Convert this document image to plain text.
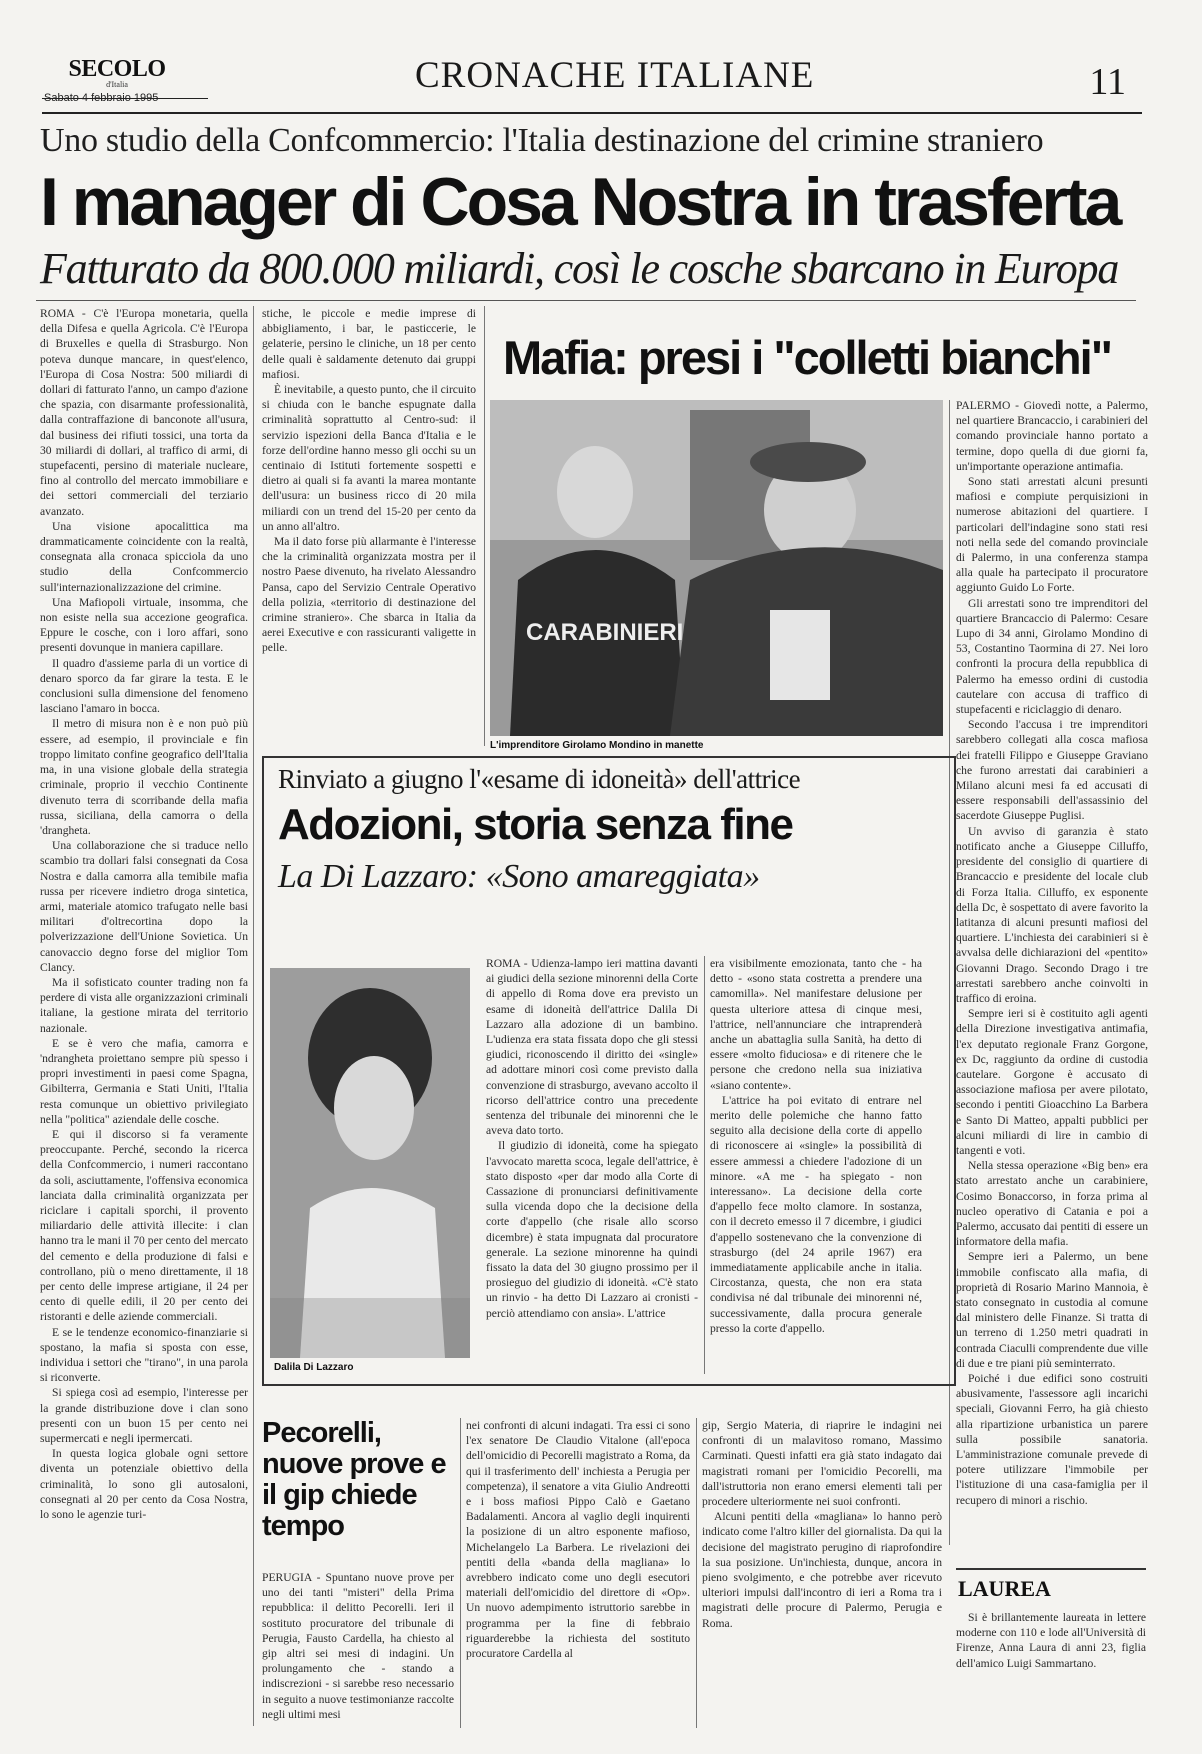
SECOLO
d'Italia
Sabato 4 febbraio 1995
CRONACHE ITALIANE	11
Uno studio della Confcommercio: l'Italia destinazione del crimine straniero
I manager di Cosa Nostra in trasferta
Fatturato da 800.000 miliardi, così le cosche sbarcano in Europa

ROMA - C'è l'Europa monetaria, quella della Difesa e quella Agricola. C'è l'Europa di Bruxelles e quella di Strasburgo. Non poteva dunque mancare, in quest'elenco, l'Europa di Cosa Nostra: 500 miliardi di dollari di fatturato l'anno, un campo d'azione che spazia, con disarmante professionalità, dalla contraffazione di banconote all'usura, dal business dei rifiuti tossici, una torta da 30 miliardi di dollari, al traffico di armi, di stupefacenti, persino di materiale nucleare, fino al controllo del mercato immobiliare e dei settori commerciali del terziario avanzato.

Una visione apocalittica ma drammaticamente coincidente con la realtà, consegnata alla cronaca spicciola da uno studio della Confcommercio sull'internazionalizzazione del crimine.

Una Mafiopoli virtuale, insomma, che non esiste nella sua accezione geografica. Eppure le cosche, con i loro affari, sono presenti dovunque in maniera capillare.

Il quadro d'assieme parla di un vortice di denaro sporco da far girare la testa. E le conclusioni sulla dimensione del fenomeno lasciano l'amaro in bocca.

Il metro di misura non è e non può più essere, ad esempio, il provinciale e fin troppo limitato confine geografico dell'Italia ma, in una visione globale della strategia criminale, proprio il vecchio Continente divenuto terra di scorribande della mafia russa, siciliana, della camorra o della 'drangheta.

Una collaborazione che si traduce nello scambio tra dollari falsi consegnati da Cosa Nostra e dalla camorra alla temibile mafia russa per ricevere indietro droga sintetica, armi, materiale atomico trafugato nelle basi militari d'oltrecortina dopo la polverizzazione dell'Unione Sovietica. Un canovaccio degno forse del miglior Tom Clancy.

Ma il sofisticato counter trading non fa perdere di vista alle organizzazioni criminali italiane, la gestione mirata del territorio nazionale.

E se è vero che mafia, camorra e 'ndrangheta proiettano sempre più spesso i propri investimenti in paesi come Spagna, Gibilterra, Germania e Stati Uniti, l'Italia resta comunque un obiettivo privilegiato nella "politica" aziendale delle cosche.

E qui il discorso si fa veramente preoccupante. Perché, secondo la ricerca della Confcommercio, i numeri raccontano da soli, asciuttamente, l'offensiva economica lanciata dalla criminalità organizzata per riciclare i capitali sporchi, il provento miliardario delle attività illecite: i clan hanno tra le mani il 70 per cento del mercato del cemento e della produzione di falsi e controllano, più o meno direttamente, il 18 per cento delle imprese artigiane, il 24 per cento di quelle edili, il 20 per cento dei ristoranti e delle aziende commerciali.

E se le tendenze economico-finanziarie si spostano, la mafia si sposta con esse, individua i settori che "tirano", in una parola si riconverte.

Si spiega così ad esempio, l'interesse per la grande distribuzione dove i clan sono presenti con un buon 15 per cento nei supermercati e negli ipermercati.

In questa logica globale ogni settore diventa un potenziale obiettivo della criminalità, lo sono gli autosaloni, consegnati al 20 per cento da Cosa Nostra, lo sono le agenzie turi-

stiche, le piccole e medie imprese di abbigliamento, i bar, le pasticcerie, le gelaterie, persino le cliniche, un 18 per cento delle quali è saldamente detenuto dai gruppi mafiosi.

È inevitabile, a questo punto, che il circuito si chiuda con le banche espugnate dalla criminalità soprattutto al Centro-sud: il servizio ispezioni della Banca d'Italia e le forze dell'ordine hanno messo gli occhi su un centinaio di Istituti fortemente sospetti e dietro ai quali si fa avanti la marea montante dell'usura: un business ricco di 20 mila miliardi con un trend del 15-20 per cento da un anno all'altro.

Ma il dato forse più allarmante è l'interesse che la criminalità organizzata mostra per il nostro Paese divenuto, ha rivelato Alessandro Pansa, capo del Servizio Centrale Operativo della polizia, «territorio di destinazione del crimine straniero». Che sbarca in Italia da aerei Executive e con rassicuranti valigette in pelle.

Mafia: presi i "colletti bianchi"
CARABINIERI
L'imprenditore Girolamo Mondino in manette

PALERMO - Giovedì notte, a Palermo, nel quartiere Brancaccio, i carabinieri del comando provinciale hanno portato a termine, dopo quella di due giorni fa, un'importante operazione antimafia.

Sono stati arrestati alcuni presunti mafiosi e compiute perquisizioni in numerose abitazioni del quartiere. I particolari dell'indagine sono stati resi noti nella sede del comando provinciale di Palermo, in una conferenza stampa alla quale ha partecipato il procuratore aggiunto Guido Lo Forte.

Gli arrestati sono tre imprenditori del quartiere Brancaccio di Palermo: Cesare Lupo di 34 anni, Girolamo Mondino di 53, Costantino Taormina di 27. Nei loro confronti la procura della repubblica di Palermo ha emesso ordini di custodia cautelare con accusa di traffico di stupefacenti e riciclaggio di denaro.

Secondo l'accusa i tre imprenditori sarebbero collegati alla cosca mafiosa dei fratelli Filippo e Giuseppe Graviano che furono arrestati dai carabinieri a Milano alcuni mesi fa ed accusati di essere responsabili dell'assassinio del sacerdote Giuseppe Puglisi.

Un avviso di garanzia è stato notificato anche a Giuseppe Cilluffo, presidente del consiglio di quartiere di Brancaccio e presidente del locale club di Forza Italia. Cilluffo, ex esponente della Dc, è sospettato di avere favorito la latitanza di alcuni presunti mafiosi del quartiere. L'inchiesta dei carabinieri si è avvalsa delle dichiarazioni del «pentito» Giovanni Drago. Secondo Drago i tre arrestati sarebbero anche coinvolti in traffico di eroina.

Sempre ieri si è costituito agli agenti della Direzione investigativa antimafia, l'ex deputato regionale Franz Gorgone, ex Dc, raggiunto da ordine di custodia cautelare. Gorgone è accusato di associazione mafiosa per avere pilotato, secondo i pentiti Gioacchino La Barbera e Santo Di Matteo, appalti pubblici per alcuni miliardi di lire in cambio di tangenti e voti.

Nella stessa operazione «Big ben» era stato arrestato anche un carabiniere, Cosimo Bonaccorso, in forza prima al nucleo operativo di Catania e poi a Palermo, accusato dai pentiti di essere un informatore della mafia.

Sempre ieri a Palermo, un bene immobile confiscato alla mafia, di proprietà di Rosario Marino Mannoia, è stato consegnato in custodia al comune dal ministero delle Finanze. Si tratta di un terreno di 1.250 metri quadrati in contrada Ciaculli comprendente due ville di due e tre piani più seminterrato.

Poiché i due edifici sono costruiti abusivamente, l'assessore agli incarichi speciali, Giovanni Ferro, ha già chiesto alla ripartizione urbanistica un parere sulla possibile sanatoria. L'amministrazione comunale prevede di potere utilizzare l'immobile per l'istituzione di una casa-famiglia per il recupero di minori a rischio.

Rinviato a giugno l'«esame di idoneità» dell'attrice
Adozioni, storia senza fine
La Di Lazzaro: «Sono amareggiata»
Dalila Di Lazzaro

ROMA - Udienza-lampo ieri mattina davanti ai giudici della sezione minorenni della Corte di appello di Roma dove era previsto un esame di idoneità dell'attrice Dalila Di Lazzaro alla adozione di un bambino. L'udienza era stata fissata dopo che gli stessi giudici, riconoscendo il diritto dei «single» ad adottare minori così come previsto dalla convenzione di strasburgo, avevano accolto il ricorso dell'attrice contro una precedente sentenza del tribunale dei minorenni che le aveva dato torto.

Il giudizio di idoneità, come ha spiegato l'avvocato maretta scoca, legale dell'attrice, è stato disposto «per dar modo alla Corte di Cassazione di pronunciarsi definitivamente sulla vicenda dopo che la decisione della corte d'appello (che risale allo scorso dicembre) è stata impugnata dal procuratore generale. La sezione minorenne ha quindi fissato la data del 30 giugno prossimo per il prosieguo del giudizio di idoneità. «C'è stato un rinvio - ha detto Di Lazzaro ai cronisti - perciò attendiamo con ansia». L'attrice

era visibilmente emozionata, tanto che - ha detto - «sono stata costretta a prendere una camomilla». Nel manifestare delusione per questa ulteriore attesa di cinque mesi, l'attrice, nell'annunciare che intraprenderà anche un abattaglia sulla Sanità, ha detto di essere «molto fiduciosa» e di ritenere che le persone che credono nella sua iniziativa «siano contente».

L'attrice ha poi evitato di entrare nel merito delle polemiche che hanno fatto seguito alla decisione della corte di appello di riconoscere ai «single» la possibilità di essere ammessi a chiedere l'adozione di un minore. «A me - ha spiegato - non interessano». La decisione della corte d'appello fece molto clamore. In sostanza, con il decreto emesso il 7 dicembre, i giudici d'appello sostenevano che la convenzione di strasburgo (del 24 aprile 1967) era immediatamente applicabile anche in italia. Circostanza, questa, che non era stata condivisa né dal tribunale dei minorenni né, successivamente, dalla procura generale presso la corte d'appello.

Pecorelli, nuove prove e il gip chiede tempo

PERUGIA - Spuntano nuove prove per uno dei tanti "misteri" della Prima repubblica: il delitto Pecorelli. Ieri il sostituto procuratore del tribunale di Perugia, Fausto Cardella, ha chiesto al gip altri sei mesi di indagini. Un prolungamento che - stando a indiscrezioni - si sarebbe reso necessario in seguito a nuove testimonianze raccolte negli ultimi mesi

nei confronti di alcuni indagati. Tra essi ci sono l'ex senatore De Claudio Vitalone (all'epoca dell'omicidio di Pecorelli magistrato a Roma, da qui il trasferimento dell' inchiesta a Perugia per competenza), il senatore a vita Giulio Andreotti e i boss mafiosi Pippo Calò e Gaetano Badalamenti. Ancora al vaglio degli inquirenti la posizione di un altro esponente mafioso, Michelangelo La Barbera. Le rivelazioni dei pentiti della «banda della magliana» lo avrebbero indicato come uno degli esecutori materiali dell'omicidio del direttore di «Op». Un nuovo adempimento istruttorio sarebbe in programma per la fine di febbraio riguarderebbe la richiesta del sostituto procuratore Cardella al

gip, Sergio Materia, di riaprire le indagini nei confronti di un malavitoso romano, Massimo Carminati. Questi infatti era già stato indagato dai magistrati romani per l'omicidio Pecorelli, ma dall'istruttoria non erano emersi elementi tali per procedere ulteriormente nei suoi confronti.

Alcuni pentiti della «magliana» lo hanno però indicato come l'altro killer del giornalista. Da qui la decisione del magistrato perugino di riaprofondire la sua posizione. Un'inchiesta, dunque, ancora in pieno svolgimento, e che potrebbe aver ricevuto ulteriori impulsi dall'incontro di ieri a Roma tra i magistrati delle procure di Palermo, Perugia e Roma.

LAUREA

Si è brillantemente laureata in lettere moderne con 110 e lode all'Università di Firenze, Anna Laura di anni 23, figlia dell'amico Luigi Sammartano.
